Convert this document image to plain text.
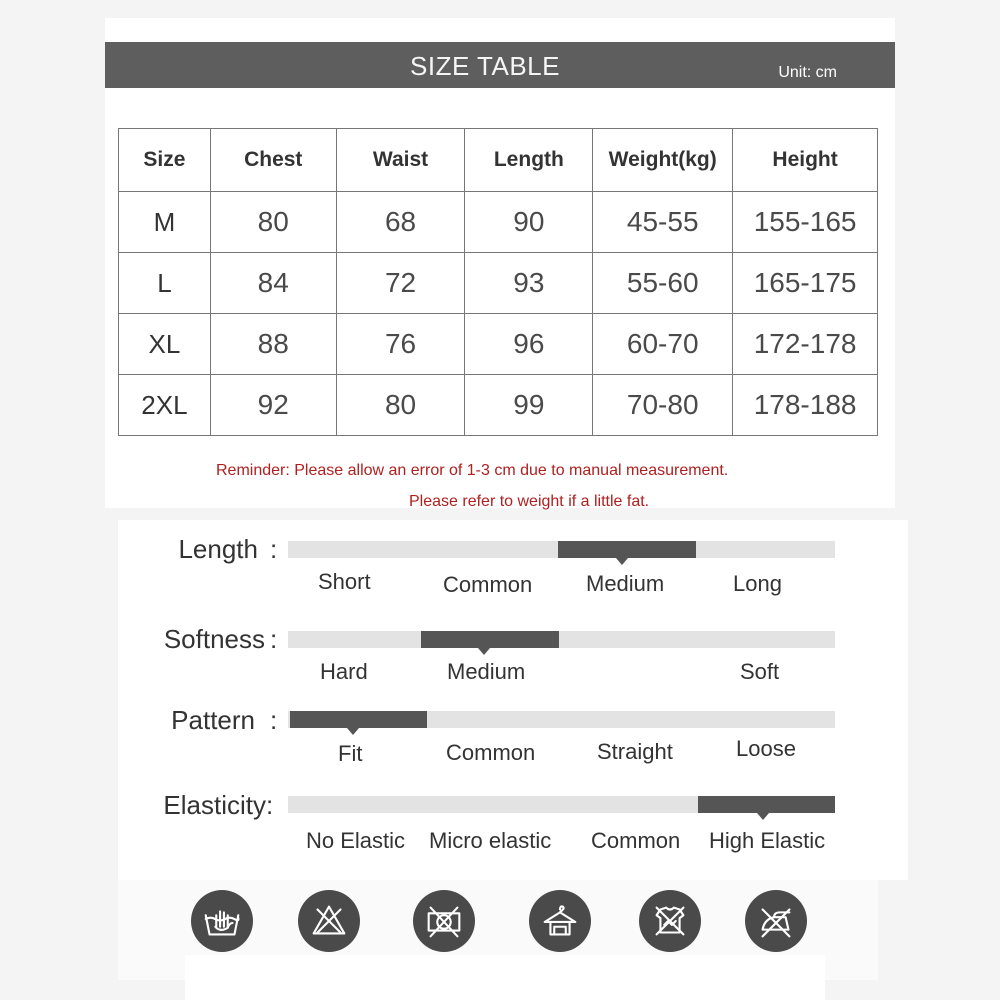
SIZE TABLE	Unit: cm
Size	Chest	Waist	Length	Weight(kg)	Height
M	80	68	90	45-55	155-165
L	84	72	93	55-60	165-175
XL	88	76	96	60-70	172-178
2XL	92	80	99	70-80	178-188
Reminder: Please allow an error of 1-3 cm due to manual measurement.
Please refer to weight if a little fat.
Length :
Short	Common Medium	Long
Softness :
Hard	Medium	Soft
Pattern :
Fit	Common	Straight	Loose
Elasticity :
No Elastic Micro elastic Common High Elastic
